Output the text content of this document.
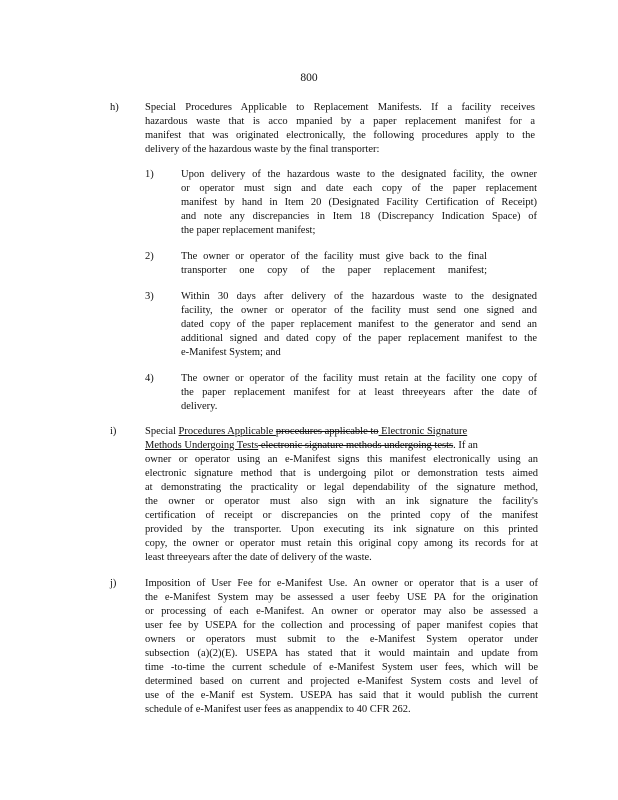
800
h)	Special Procedures Applicable to Replacement Manifests. If a facility receives
hazardous waste that is acco mpanied by a paper replacement manifest for a
manifest that was originated electronically, the following procedures apply to the
delivery of the hazardous waste by the final transporter:
1)	Upon delivery of the hazardous waste to the designated facility, the owner
or operator must sign and date each copy of the paper replacement
manifest by hand in Item 20 (Designated Facility Certification of Receipt)
and note any discrepancies in Item 18 (Discrepancy Indication Space) of
the paper replacement manifest;
2)	The owner or operator of the facility must give back to the final
transporter one copy of the paper replacement manifest;
3)	Within 30 days after delivery of the hazardous waste to the designated
facility, the owner or operator of the facility must send one signed and
dated copy of the paper replacement manifest to the generator and send an
additional signed and dated copy of the paper replacement manifest to the
e-Manifest System; and
4)	The owner or operator of the facility must retain at the facility one copy of
the paper replacement manifest for at least threeyears after the date of
delivery.
i)	Special Procedures Applicable procedures applicable to Electronic Signature
Methods Undergoing Tests electronic signature methods undergoing tests. If an
owner or operator using an e-Manifest signs this manifest electronically using an
electronic signature method that is undergoing pilot or demonstration tests aimed
at demonstrating the practicality or legal dependability of the signature method,
the owner or operator must also sign with an ink signature the facility's
certification of receipt or discrepancies on the printed copy of the manifest
provided by the transporter. Upon executing its ink signature on this printed
copy, the owner or operator must retain this original copy among its records for at
least threeyears after the date of delivery of the waste.
j)	Imposition of User Fee for e-Manifest Use. An owner or operator that is a user of
the e-Manifest System may be assessed a user feeby USE PA for the origination
or processing of each e-Manifest. An owner or operator may also be assessed a
user fee by USEPA for the collection and processing of paper manifest copies that
owners or operators must submit to the e-Manifest System operator under
subsection (a)(2)(E). USEPA has stated that it would maintain and update from
time -to-time the current schedule of e-Manifest System user fees, which will be
determined based on current and projected e-Manifest System costs and level of
use of the e-Manif est System. USEPA has said that it would publish the current
schedule of e-Manifest user fees as anappendix to 40 CFR 262.
